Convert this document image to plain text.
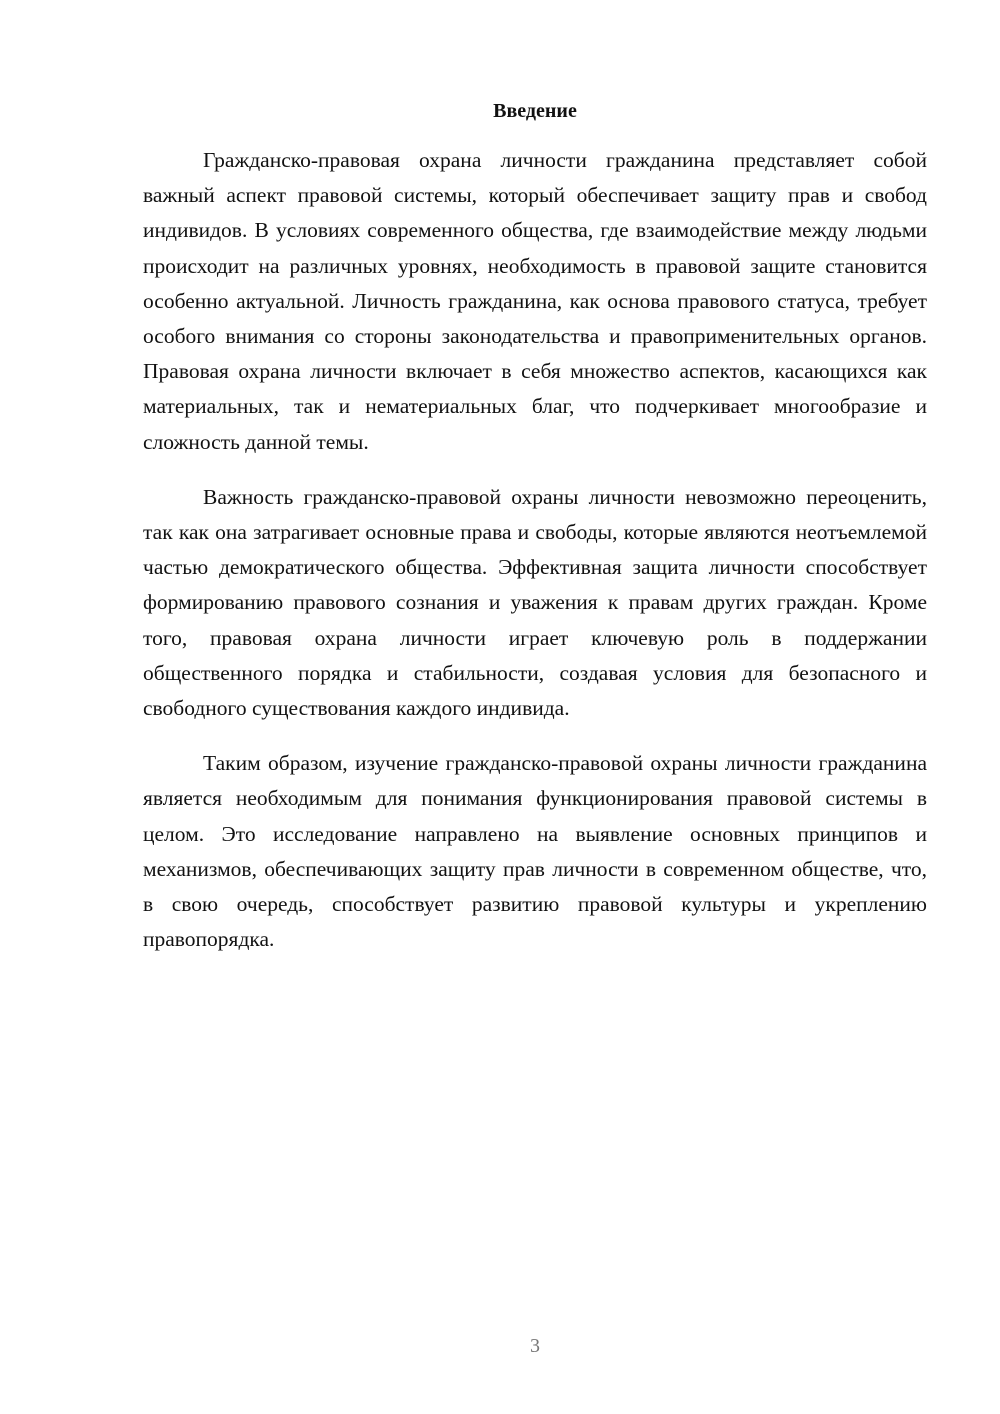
Введение

Гражданско-правовая охрана личности гражданина представляет собой важный аспект правовой системы, который обеспечивает защиту прав и свобод индивидов. В условиях современного общества, где взаимодействие между людьми происходит на различных уровнях, необходимость в правовой защите становится особенно актуальной. Личность гражданина, как основа правового статуса, требует особого внимания со стороны законодательства и правоприменительных органов. Правовая охрана личности включает в себя множество аспектов, касающихся как материальных, так и нематериальных благ, что подчеркивает многообразие и сложность данной темы.

Важность гражданско-правовой охраны личности невозможно переоценить, так как она затрагивает основные права и свободы, которые являются неотъемлемой частью демократического общества. Эффективная защита личности способствует формированию правового сознания и уважения к правам других граждан. Кроме того, правовая охрана личности играет ключевую роль в поддержании общественного порядка и стабильности, создавая условия для безопасного и свободного существования каждого индивида.

Таким образом, изучение гражданско-правовой охраны личности гражданина является необходимым для понимания функционирования правовой системы в целом. Это исследование направлено на выявление основных принципов и механизмов, обеспечивающих защиту прав личности в современном обществе, что, в свою очередь, способствует развитию правовой культуры и укреплению правопорядка.

3
